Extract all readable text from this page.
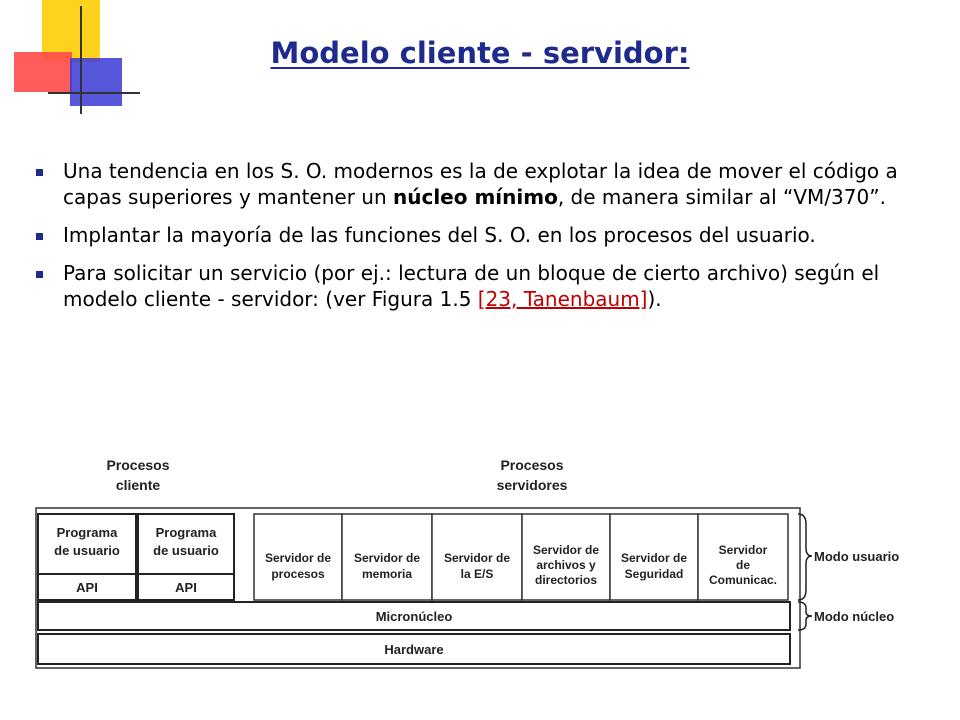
Modelo cliente - servidor:
Una tendencia en los S. O. modernos es la de explotar la idea de mover el código a capas superiores y mantener un núcleo mínimo, de manera similar al “VM/370”.
Implantar la mayoría de las funciones del S. O. en los procesos del usuario.
Para solicitar un servicio (por ej.: lectura de un bloque de cierto archivo) según el modelo cliente - servidor: (ver Figura 1.5 [23, Tanenbaum]).
Procesos
cliente
Procesos
servidores
Programa
de usuario
API
Programa
de usuario
API
Servidor de
procesos
Servidor de
memoria
Servidor de
la E/S
Servidor de
archivos y
directorios
Servidor de
Seguridad
Servidor
de
Comunicac.
Micronúcleo
Hardware
Modo usuario
Modo núcleo
